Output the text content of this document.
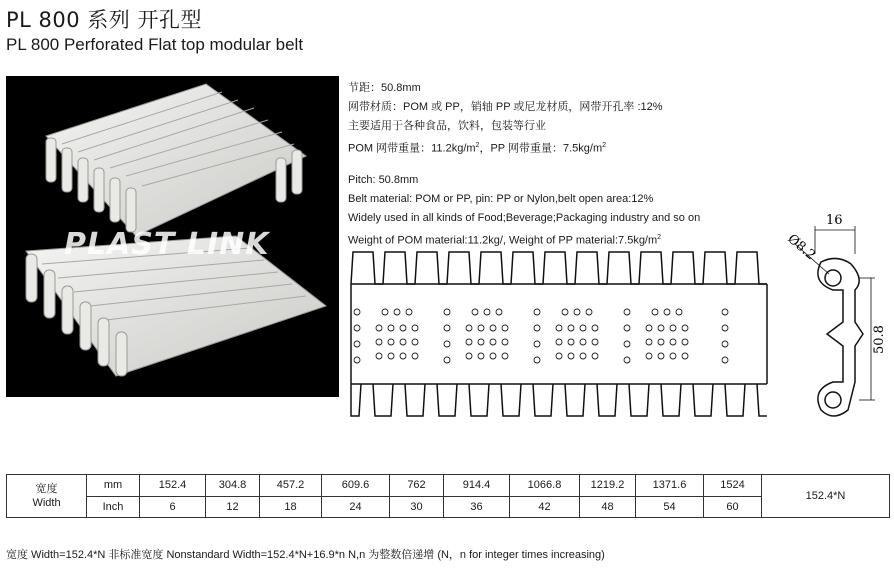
PL 800 系列 开孔型
PL 800 Perforated Flat top modular belt
PLAST LINK
节距：50.8mm
网带材质：POM 或 PP，销轴 PP 或尼龙材质，网带开孔率 :12%
主要适用于各种食品，饮料，包装等行业
POM 网带重量：$11.2kg/m^2$，PP 网带重量：$7.5kg/m^2$
Pitch: 50.8mm
Belt material: POM or PP, pin: PP or Nylon,belt open area:12%
Widely used in all kinds of Food;Beverage;Packaging industry and so on
Weight of POM material:11.2kg/, Weight of PP $material:7.5kg/m^2$
16
Ø8.2
50.8
宽度
Width	mm	152.4	304.8	457.2	609.6	762	914.4	1066.8	1219.2	1371.6	1524	152.4*N
	Inch	6	12	18	24	30	36	42	48	54	60	
宽度 Width=152.4*N 非标准宽度 Nonstandard Width=152.4*N+16.9*n N,n 为整数倍递增 (N，n for integer times increasing)
